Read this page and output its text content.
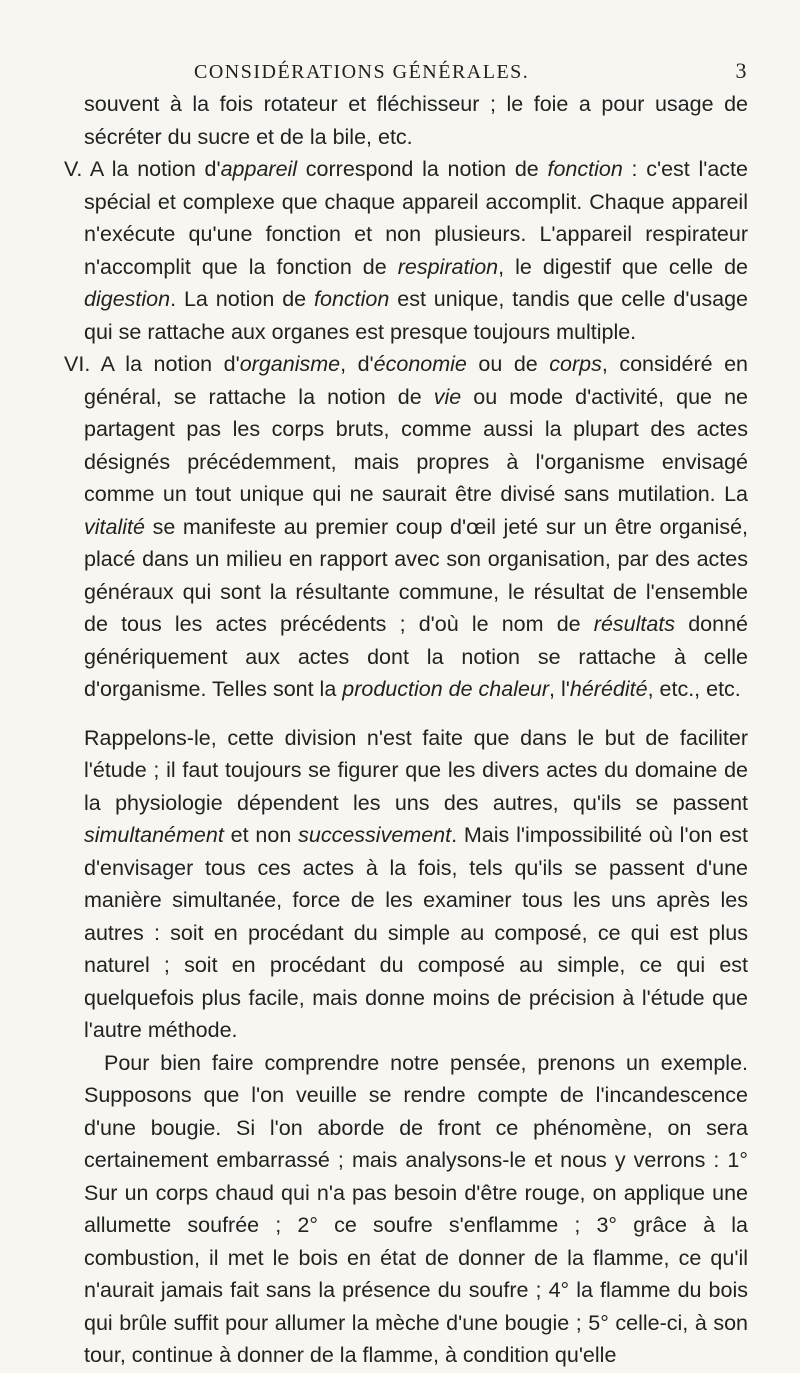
CONSIDÉRATIONS GÉNÉRALES.	3

souvent à la fois rotateur et fléchisseur ; le foie a pour usage de sécréter du sucre et de la bile, etc.

V. A la notion d'appareil correspond la notion de fonction : c'est l'acte spécial et complexe que chaque appareil accomplit. Chaque appareil n'exécute qu'une fonction et non plusieurs. L'appareil respirateur n'accomplit que la fonction de respiration, le digestif que celle de digestion. La notion de fonction est unique, tandis que celle d'usage qui se rattache aux organes est presque toujours multiple.

VI. A la notion d'organisme, d'économie ou de corps, considéré en général, se rattache la notion de vie ou mode d'activité, que ne partagent pas les corps bruts, comme aussi la plupart des actes désignés précédemment, mais propres à l'organisme envisagé comme un tout unique qui ne saurait être divisé sans mutilation. La vitalité se manifeste au premier coup d'œil jeté sur un être organisé, placé dans un milieu en rapport avec son organisation, par des actes généraux qui sont la résultante commune, le résultat de l'ensemble de tous les actes précédents ; d'où le nom de résultats donné génériquement aux actes dont la notion se rattache à celle d'organisme. Telles sont la production de chaleur, l'hérédité, etc., etc.

Rappelons-le, cette division n'est faite que dans le but de faciliter l'étude ; il faut toujours se figurer que les divers actes du domaine de la physiologie dépendent les uns des autres, qu'ils se passent simultanément et non successivement. Mais l'impossibilité où l'on est d'envisager tous ces actes à la fois, tels qu'ils se passent d'une manière simultanée, force de les examiner tous les uns après les autres : soit en procédant du simple au composé, ce qui est plus naturel ; soit en procédant du composé au simple, ce qui est quelquefois plus facile, mais donne moins de précision à l'étude que l'autre méthode.

Pour bien faire comprendre notre pensée, prenons un exemple. Supposons que l'on veuille se rendre compte de l'incandescence d'une bougie. Si l'on aborde de front ce phénomène, on sera certainement embarrassé ; mais analysons-le et nous y verrons : 1° Sur un corps chaud qui n'a pas besoin d'être rouge, on applique une allumette soufrée ; 2° ce soufre s'enflamme ; 3° grâce à la combustion, il met le bois en état de donner de la flamme, ce qu'il n'aurait jamais fait sans la présence du soufre ; 4° la flamme du bois qui brûle suffit pour allumer la mèche d'une bougie ; 5° celle-ci, à son tour, continue à donner de la flamme, à condition qu'elle
